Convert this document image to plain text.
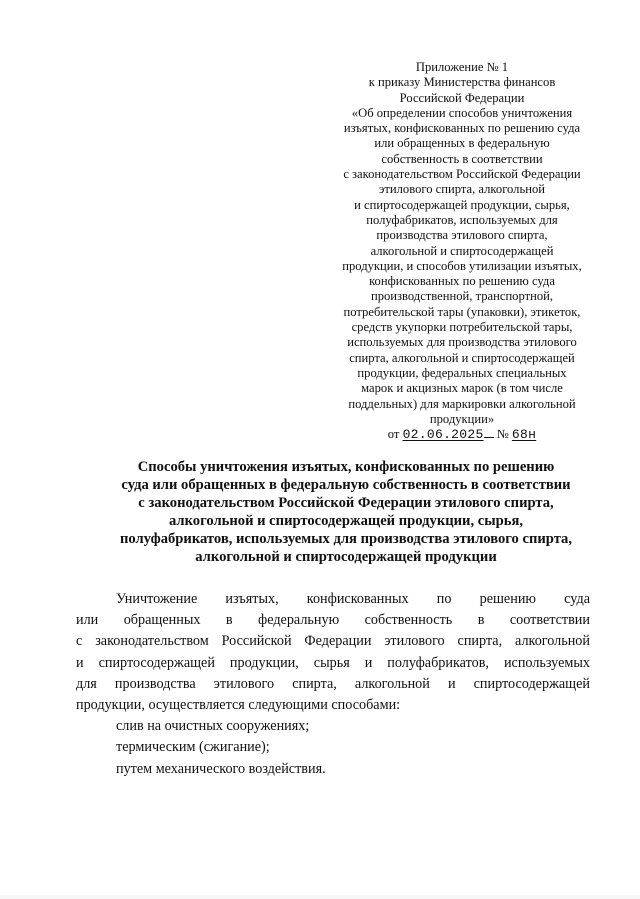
Приложение № 1
к приказу Министерства финансов
Российской Федерации
«Об определении способов уничтожения
изъятых, конфискованных по решению суда
или обращенных в федеральную
собственность в соответствии
с законодательством Российской Федерации
этилового спирта, алкогольной
и спиртосодержащей продукции, сырья,
полуфабрикатов, используемых для
производства этилового спирта,
алкогольной и спиртосодержащей
продукции, и способов утилизации изъятых,
конфискованных по решению суда
производственной, транспортной,
потребительской тары (упаковки), этикеток,
средств укупорки потребительской тары,
используемых для производства этилового
спирта, алкогольной и спиртосодержащей
продукции, федеральных специальных
марок и акцизных марок (в том числе
поддельных) для маркировки алкогольной
продукции»
от 02.06.2025 № 68н
Способы уничтожения изъятых, конфискованных по решению
суда или обращенных в федеральную собственность в соответствии
с законодательством Российской Федерации этилового спирта,
алкогольной и спиртосодержащей продукции, сырья,
полуфабрикатов, используемых для производства этилового спирта,
алкогольной и спиртосодержащей продукции
Уничтожение изъятых, конфискованных по решению суда
или обращенных в федеральную собственность в соответствии
с законодательством Российской Федерации этилового спирта, алкогольной
и спиртосодержащей продукции, сырья и полуфабрикатов, используемых
для производства этилового спирта, алкогольной и спиртосодержащей
продукции, осуществляется следующими способами:
слив на очистных сооружениях;
термическим (сжигание);
путем механического воздействия.
